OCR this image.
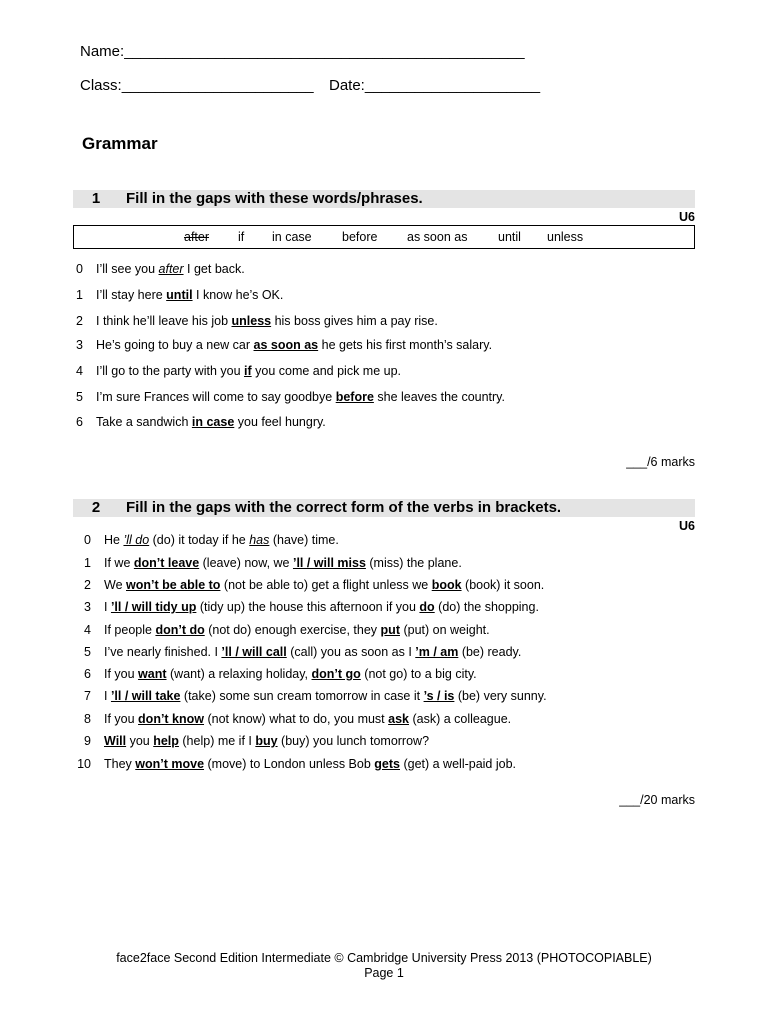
Name:________________________________________________
Class:_______________________ Date:_____________________
Grammar
1	Fill in the gaps with these words/phrases.
U6
after if in case before as soon as until unless
0 I’ll see you after I get back.
1 I’ll stay here until I know he’s OK.
2 I think he’ll leave his job unless his boss gives him a pay rise.
3 He’s going to buy a new car as soon as he gets his first month’s salary.
4 I’ll go to the party with you if you come and pick me up.
5 I’m sure Frances will come to say goodbye before she leaves the country.
6 Take a sandwich in case you feel hungry.
___/6 marks
2	Fill in the gaps with the correct form of the verbs in brackets.
U6
0 He ’ll do (do) it today if he has (have) time.
1 If we don’t leave (leave) now, we ’ll / will miss (miss) the plane.
2 We won’t be able to (not be able to) get a flight unless we book (book) it soon.
3 I ’ll / will tidy up (tidy up) the house this afternoon if you do (do) the shopping.
4 If people don’t do (not do) enough exercise, they put (put) on weight.
5 I’ve nearly finished. I ’ll / will call (call) you as soon as I ’m / am (be) ready.
6 If you want (want) a relaxing holiday, don’t go (not go) to a big city.
7 I ’ll / will take (take) some sun cream tomorrow in case it ’s / is (be) very sunny.
8 If you don’t know (not know) what to do, you must ask (ask) a colleague.
9 Will you help (help) me if I buy (buy) you lunch tomorrow?
10 They won’t move (move) to London unless Bob gets (get) a well-paid job.
___/20 marks
face2face Second Edition Intermediate © Cambridge University Press 2013 (PHOTOCOPIABLE)
Page 1
